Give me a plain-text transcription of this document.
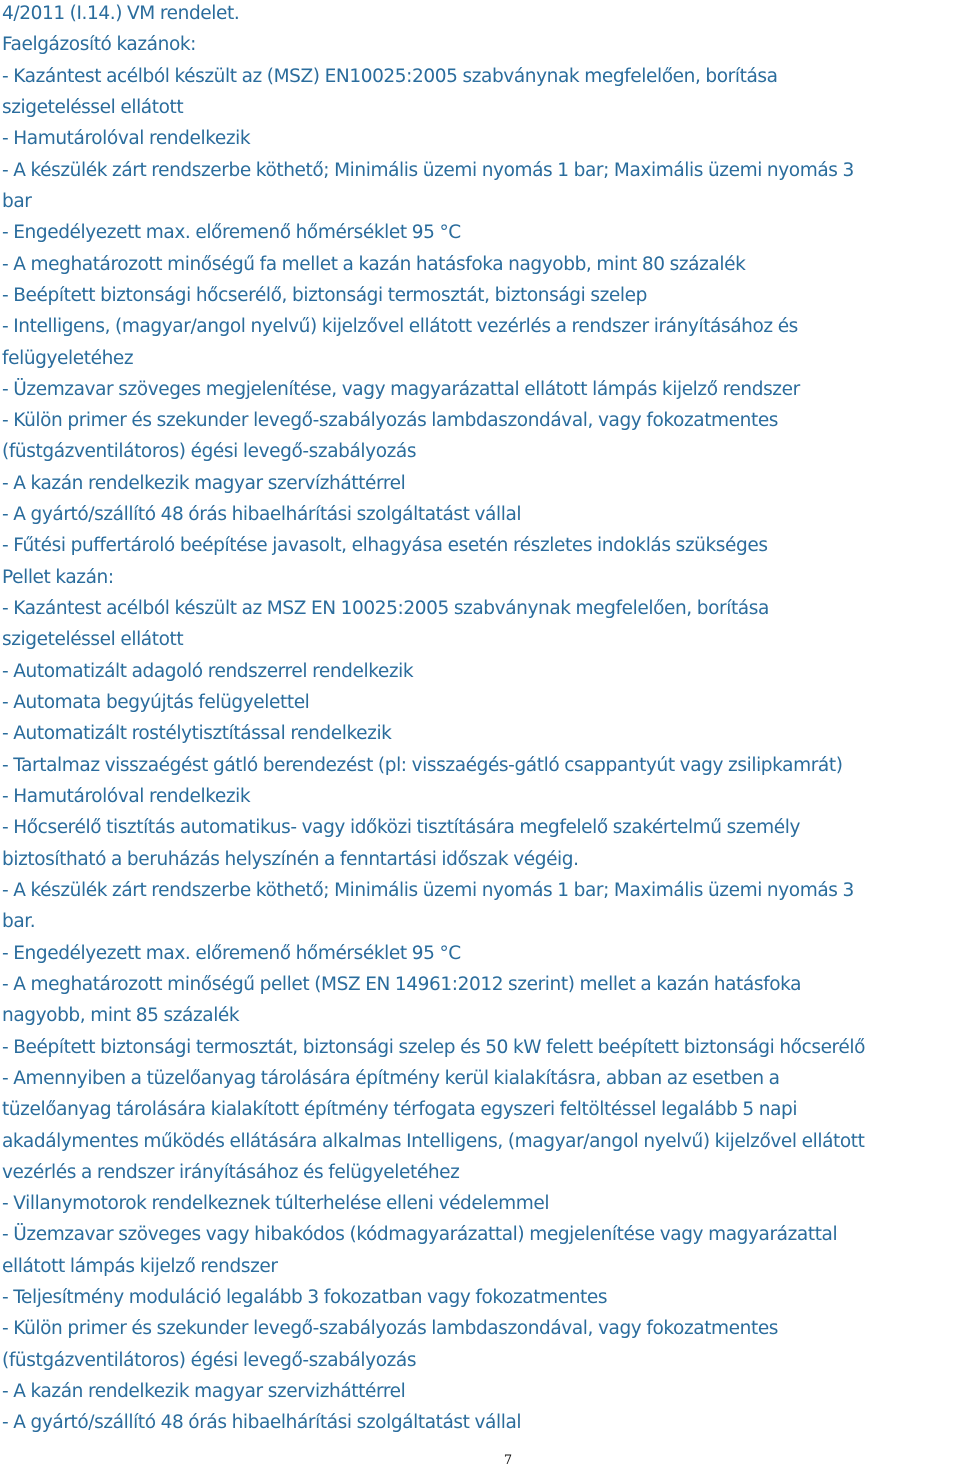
4/2011 (I.14.) VM rendelet.
Faelgázosító kazánok:
- Kazántest acélból készült az (MSZ) EN10025:2005 szabványnak megfelelően, borítása
szigeteléssel ellátott
- Hamutárolóval rendelkezik
- A készülék zárt rendszerbe köthető; Minimális üzemi nyomás 1 bar; Maximális üzemi nyomás 3
bar
- Engedélyezett max. előremenő hőmérséklet 95 °C
- A meghatározott minőségű fa mellet a kazán hatásfoka nagyobb, mint 80 százalék
- Beépített biztonsági hőcserélő, biztonsági termosztát, biztonsági szelep
- Intelligens, (magyar/angol nyelvű) kijelzővel ellátott vezérlés a rendszer irányításához és
felügyeletéhez
- Üzemzavar szöveges megjelenítése, vagy magyarázattal ellátott lámpás kijelző rendszer
- Külön primer és szekunder levegő-szabályozás lambdaszondával, vagy fokozatmentes
(füstgázventilátoros) égési levegő-szabályozás
- A kazán rendelkezik magyar szervízháttérrel
- A gyártó/szállító 48 órás hibaelhárítási szolgáltatást vállal
- Fűtési puffertároló beépítése javasolt, elhagyása esetén részletes indoklás szükséges
Pellet kazán:
- Kazántest acélból készült az MSZ EN 10025:2005 szabványnak megfelelően, borítása
szigeteléssel ellátott
- Automatizált adagoló rendszerrel rendelkezik
- Automata begyújtás felügyelettel
- Automatizált rostélytisztítással rendelkezik
- Tartalmaz visszaégést gátló berendezést (pl: visszaégés-gátló csappantyút vagy zsilipkamrát)
- Hamutárolóval rendelkezik
- Hőcserélő tisztítás automatikus- vagy időközi tisztítására megfelelő szakértelmű személy
biztosítható a beruházás helyszínén a fenntartási időszak végéig.
- A készülék zárt rendszerbe köthető; Minimális üzemi nyomás 1 bar; Maximális üzemi nyomás 3
bar.
- Engedélyezett max. előremenő hőmérséklet 95 °C
- A meghatározott minőségű pellet (MSZ EN 14961:2012 szerint) mellet a kazán hatásfoka
nagyobb, mint 85 százalék
- Beépített biztonsági termosztát, biztonsági szelep és 50 kW felett beépített biztonsági hőcserélő
- Amennyiben a tüzelőanyag tárolására építmény kerül kialakításra, abban az esetben a
tüzelőanyag tárolására kialakított építmény térfogata egyszeri feltöltéssel legalább 5 napi
akadálymentes működés ellátására alkalmas Intelligens, (magyar/angol nyelvű) kijelzővel ellátott
vezérlés a rendszer irányításához és felügyeletéhez
- Villanymotorok rendelkeznek túlterhelése elleni védelemmel
- Üzemzavar szöveges vagy hibakódos (kódmagyarázattal) megjelenítése vagy magyarázattal
ellátott lámpás kijelző rendszer
- Teljesítmény moduláció legalább 3 fokozatban vagy fokozatmentes
- Külön primer és szekunder levegő-szabályozás lambdaszondával, vagy fokozatmentes
(füstgázventilátoros) égési levegő-szabályozás
- A kazán rendelkezik magyar szervizháttérrel
- A gyártó/szállító 48 órás hibaelhárítási szolgáltatást vállal
7
